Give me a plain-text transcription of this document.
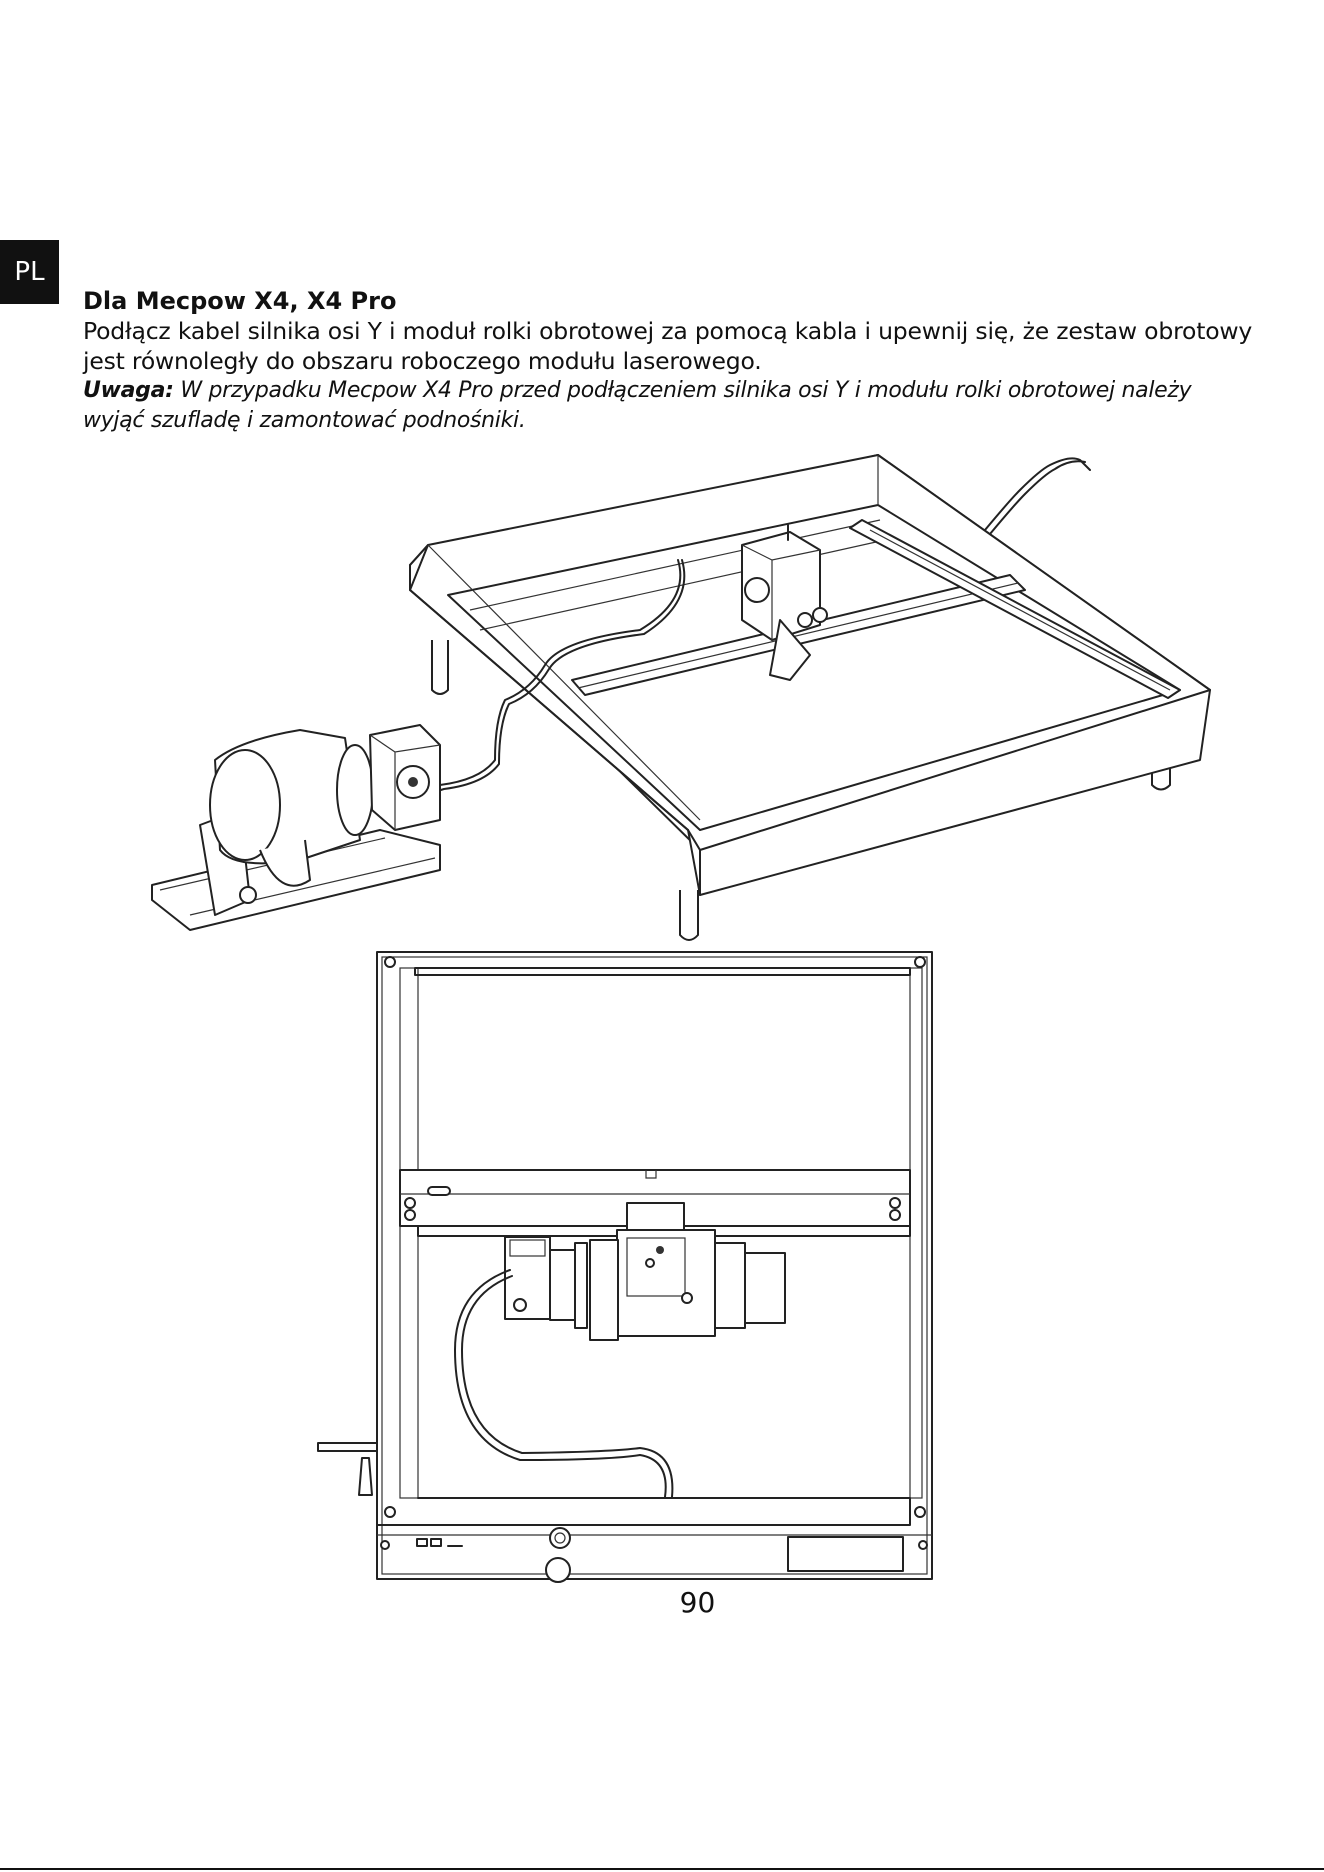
PL

Dla Mecpow X4, X4 Pro

Podłącz kabel silnika osi Y i moduł rolki obrotowej za pomocą kabla i upewnij się, że zestaw obrotowy

jest równoległy do obszaru roboczego modułu laserowego.

Uwaga: W przypadku Mecpow X4 Pro przed podłączeniem silnika osi Y i modułu rolki obrotowej należy

wyjąć szufladę i zamontować podnośniki.

90
